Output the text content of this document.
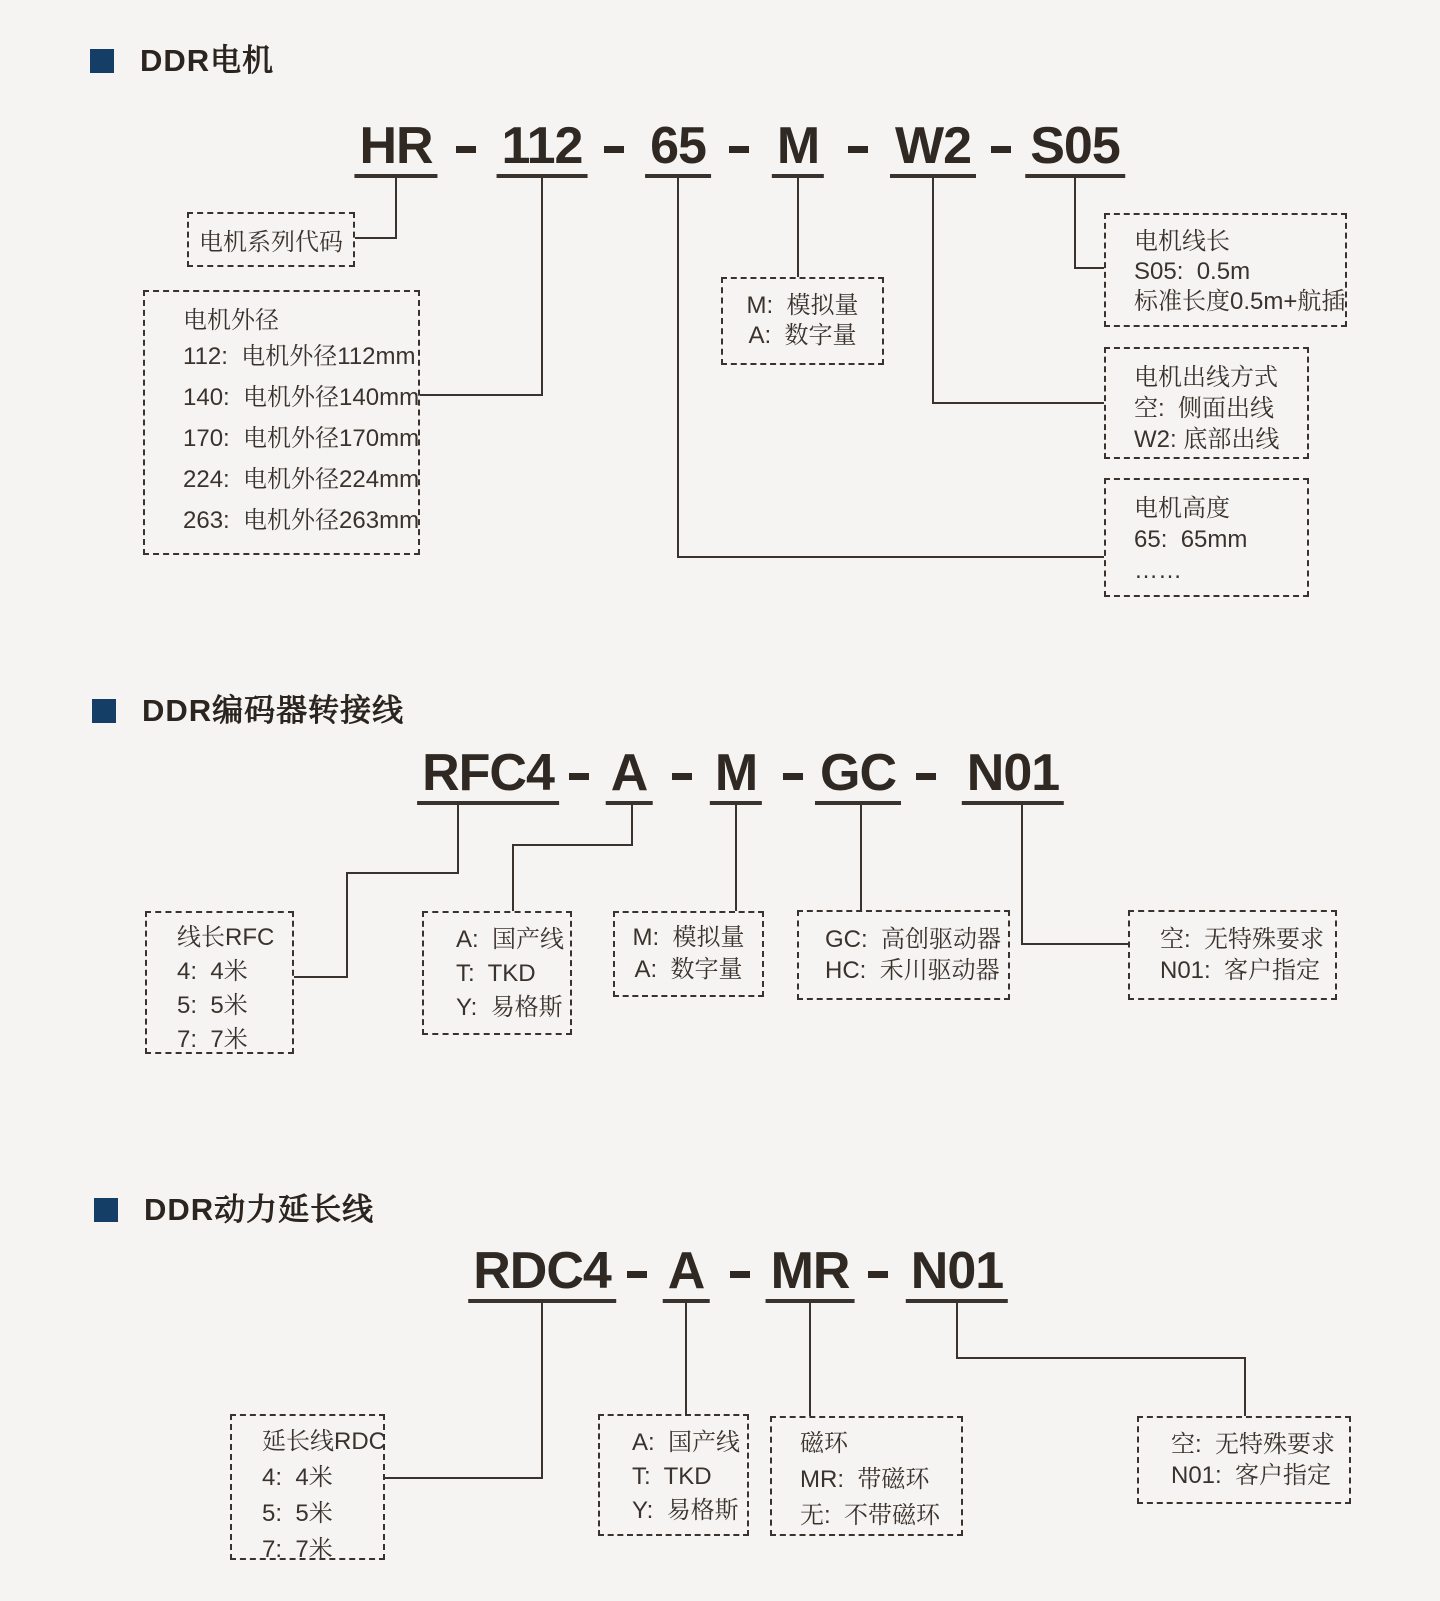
DDR电机
HR 112 65 M W2 S05
电机系列代码
电机外径
112:  电机外径112mm
140:  电机外径140mm
170:  电机外径170mm
224:  电机外径224mm
263:  电机外径263mm
M:  模拟量
A:  数字量
电机线长
S05:  0.5m
标准长度0.5m+航插
电机出线方式
空:  侧面出线
W2: 底部出线
电机高度
65:  65mm
……
DDR编码器转接线
RFC4 A M GC N01
线长RFC
4:  4米
5:  5米
7:  7米
A:  国产线
T:  TKD
Y:  易格斯
M:  模拟量
A:  数字量
GC:  高创驱动器
HC:  禾川驱动器
空:  无特殊要求
N01:  客户指定
DDR动力延长线
RDC4 A MR N01
延长线RDC
4:  4米
5:  5米
7:  7米
A:  国产线
T:  TKD
Y:  易格斯
磁环
MR:  带磁环
无:  不带磁环
空:  无特殊要求
N01:  客户指定
